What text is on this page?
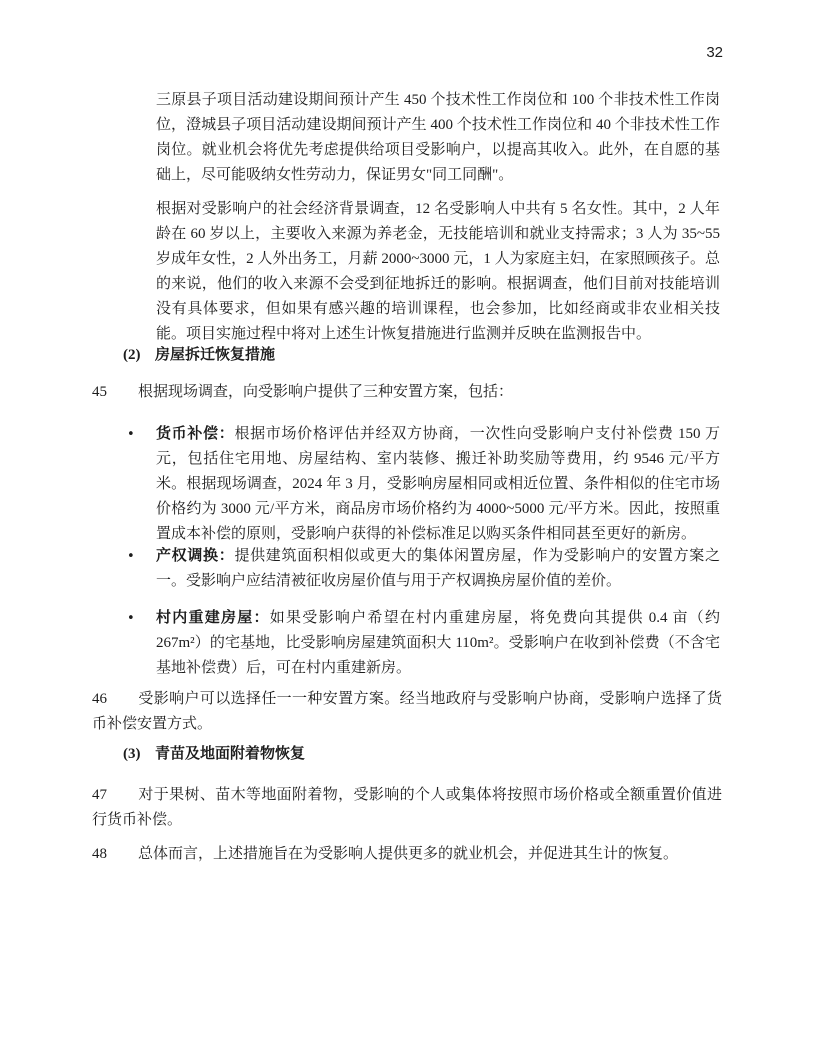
32
三原县子项目活动建设期间预计产生 450 个技术性工作岗位和 100 个非技术性工作岗位，澄城县子项目活动建设期间预计产生 400 个技术性工作岗位和 40 个非技术性工作岗位。就业机会将优先考虑提供给项目受影响户，以提高其收入。此外，在自愿的基础上，尽可能吸纳女性劳动力，保证男女"同工同酬"。
根据对受影响户的社会经济背景调查，12 名受影响人中共有 5 名女性。其中，2 人年龄在 60 岁以上，主要收入来源为养老金，无技能培训和就业支持需求；3 人为 35~55 岁成年女性，2 人外出务工，月薪 2000~3000 元，1 人为家庭主妇，在家照顾孩子。总的来说，他们的收入来源不会受到征地拆迁的影响。根据调查，他们目前对技能培训没有具体要求，但如果有感兴趣的培训课程，也会参加，比如经商或非农业相关技能。项目实施过程中将对上述生计恢复措施进行监测并反映在监测报告中。
(2) 房屋拆迁恢复措施
45 根据现场调查，向受影响户提供了三种安置方案，包括：
• 货币补偿：根据市场价格评估并经双方协商，一次性向受影响户支付补偿费 150 万元，包括住宅用地、房屋结构、室内装修、搬迁补助奖励等费用，约 9546 元/平方米。根据现场调查，2024 年 3 月，受影响房屋相同或相近位置、条件相似的住宅市场价格约为 3000 元/平方米，商品房市场价格约为 4000~5000 元/平方米。因此，按照重置成本补偿的原则，受影响户获得的补偿标准足以购买条件相同甚至更好的新房。
• 产权调换：提供建筑面积相似或更大的集体闲置房屋，作为受影响户的安置方案之一。受影响户应结清被征收房屋价值与用于产权调换房屋价值的差价。
• 村内重建房屋：如果受影响户希望在村内重建房屋，将免费向其提供 0.4 亩（约 267m²）的宅基地，比受影响房屋建筑面积大 110m²。受影响户在收到补偿费（不含宅基地补偿费）后，可在村内重建新房。
46 受影响户可以选择任一一种安置方案。经当地政府与受影响户协商，受影响户选择了货币补偿安置方式。
(3) 青苗及地面附着物恢复
47 对于果树、苗木等地面附着物，受影响的个人或集体将按照市场价格或全额重置价值进行货币补偿。
48 总体而言，上述措施旨在为受影响人提供更多的就业机会，并促进其生计的恢复。
